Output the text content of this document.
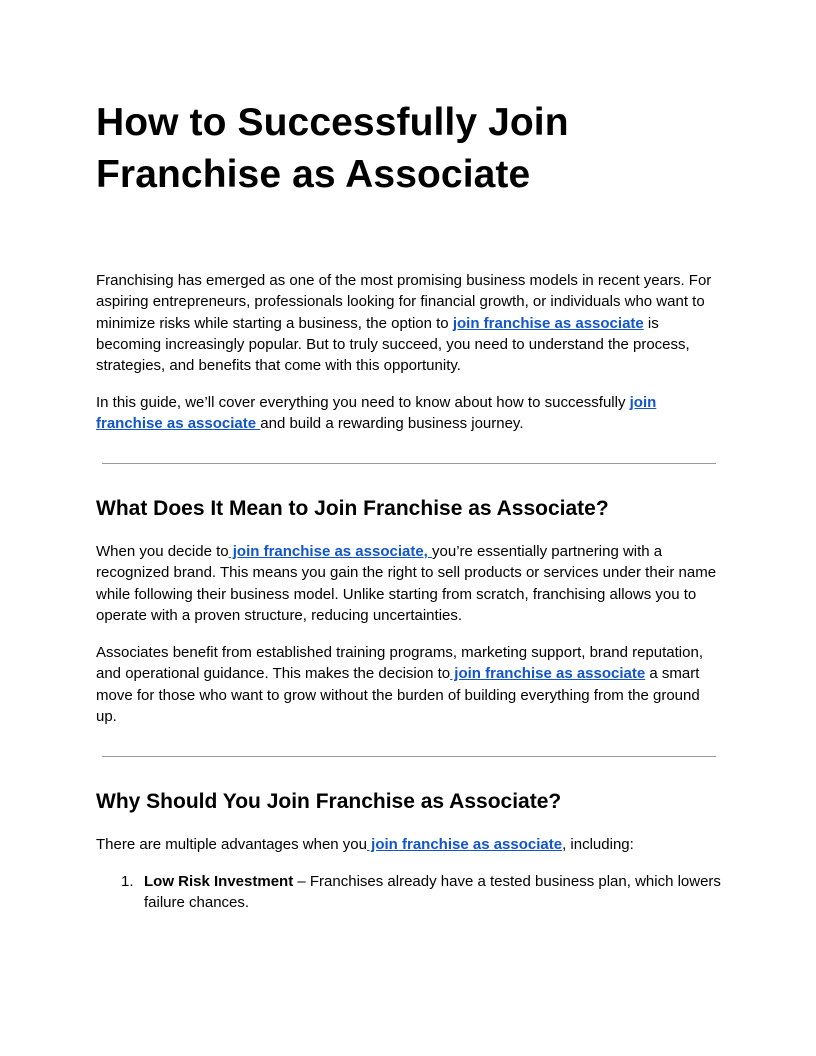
How to Successfully Join Franchise as Associate

Franchising has emerged as one of the most promising business models in recent years. For aspiring entrepreneurs, professionals looking for financial growth, or individuals who want to minimize risks while starting a business, the option to join franchise as associate is becoming increasingly popular. But to truly succeed, you need to understand the process, strategies, and benefits that come with this opportunity.

In this guide, we’ll cover everything you need to know about how to successfully join franchise as associate and build a rewarding business journey.

What Does It Mean to Join Franchise as Associate?

When you decide to join franchise as associate, you’re essentially partnering with a recognized brand. This means you gain the right to sell products or services under their name while following their business model. Unlike starting from scratch, franchising allows you to operate with a proven structure, reducing uncertainties.

Associates benefit from established training programs, marketing support, brand reputation, and operational guidance. This makes the decision to join franchise as associate a smart move for those who want to grow without the burden of building everything from the ground up.

Why Should You Join Franchise as Associate?

There are multiple advantages when you join franchise as associate, including:

1. Low Risk Investment – Franchises already have a tested business plan, which lowers failure chances.
